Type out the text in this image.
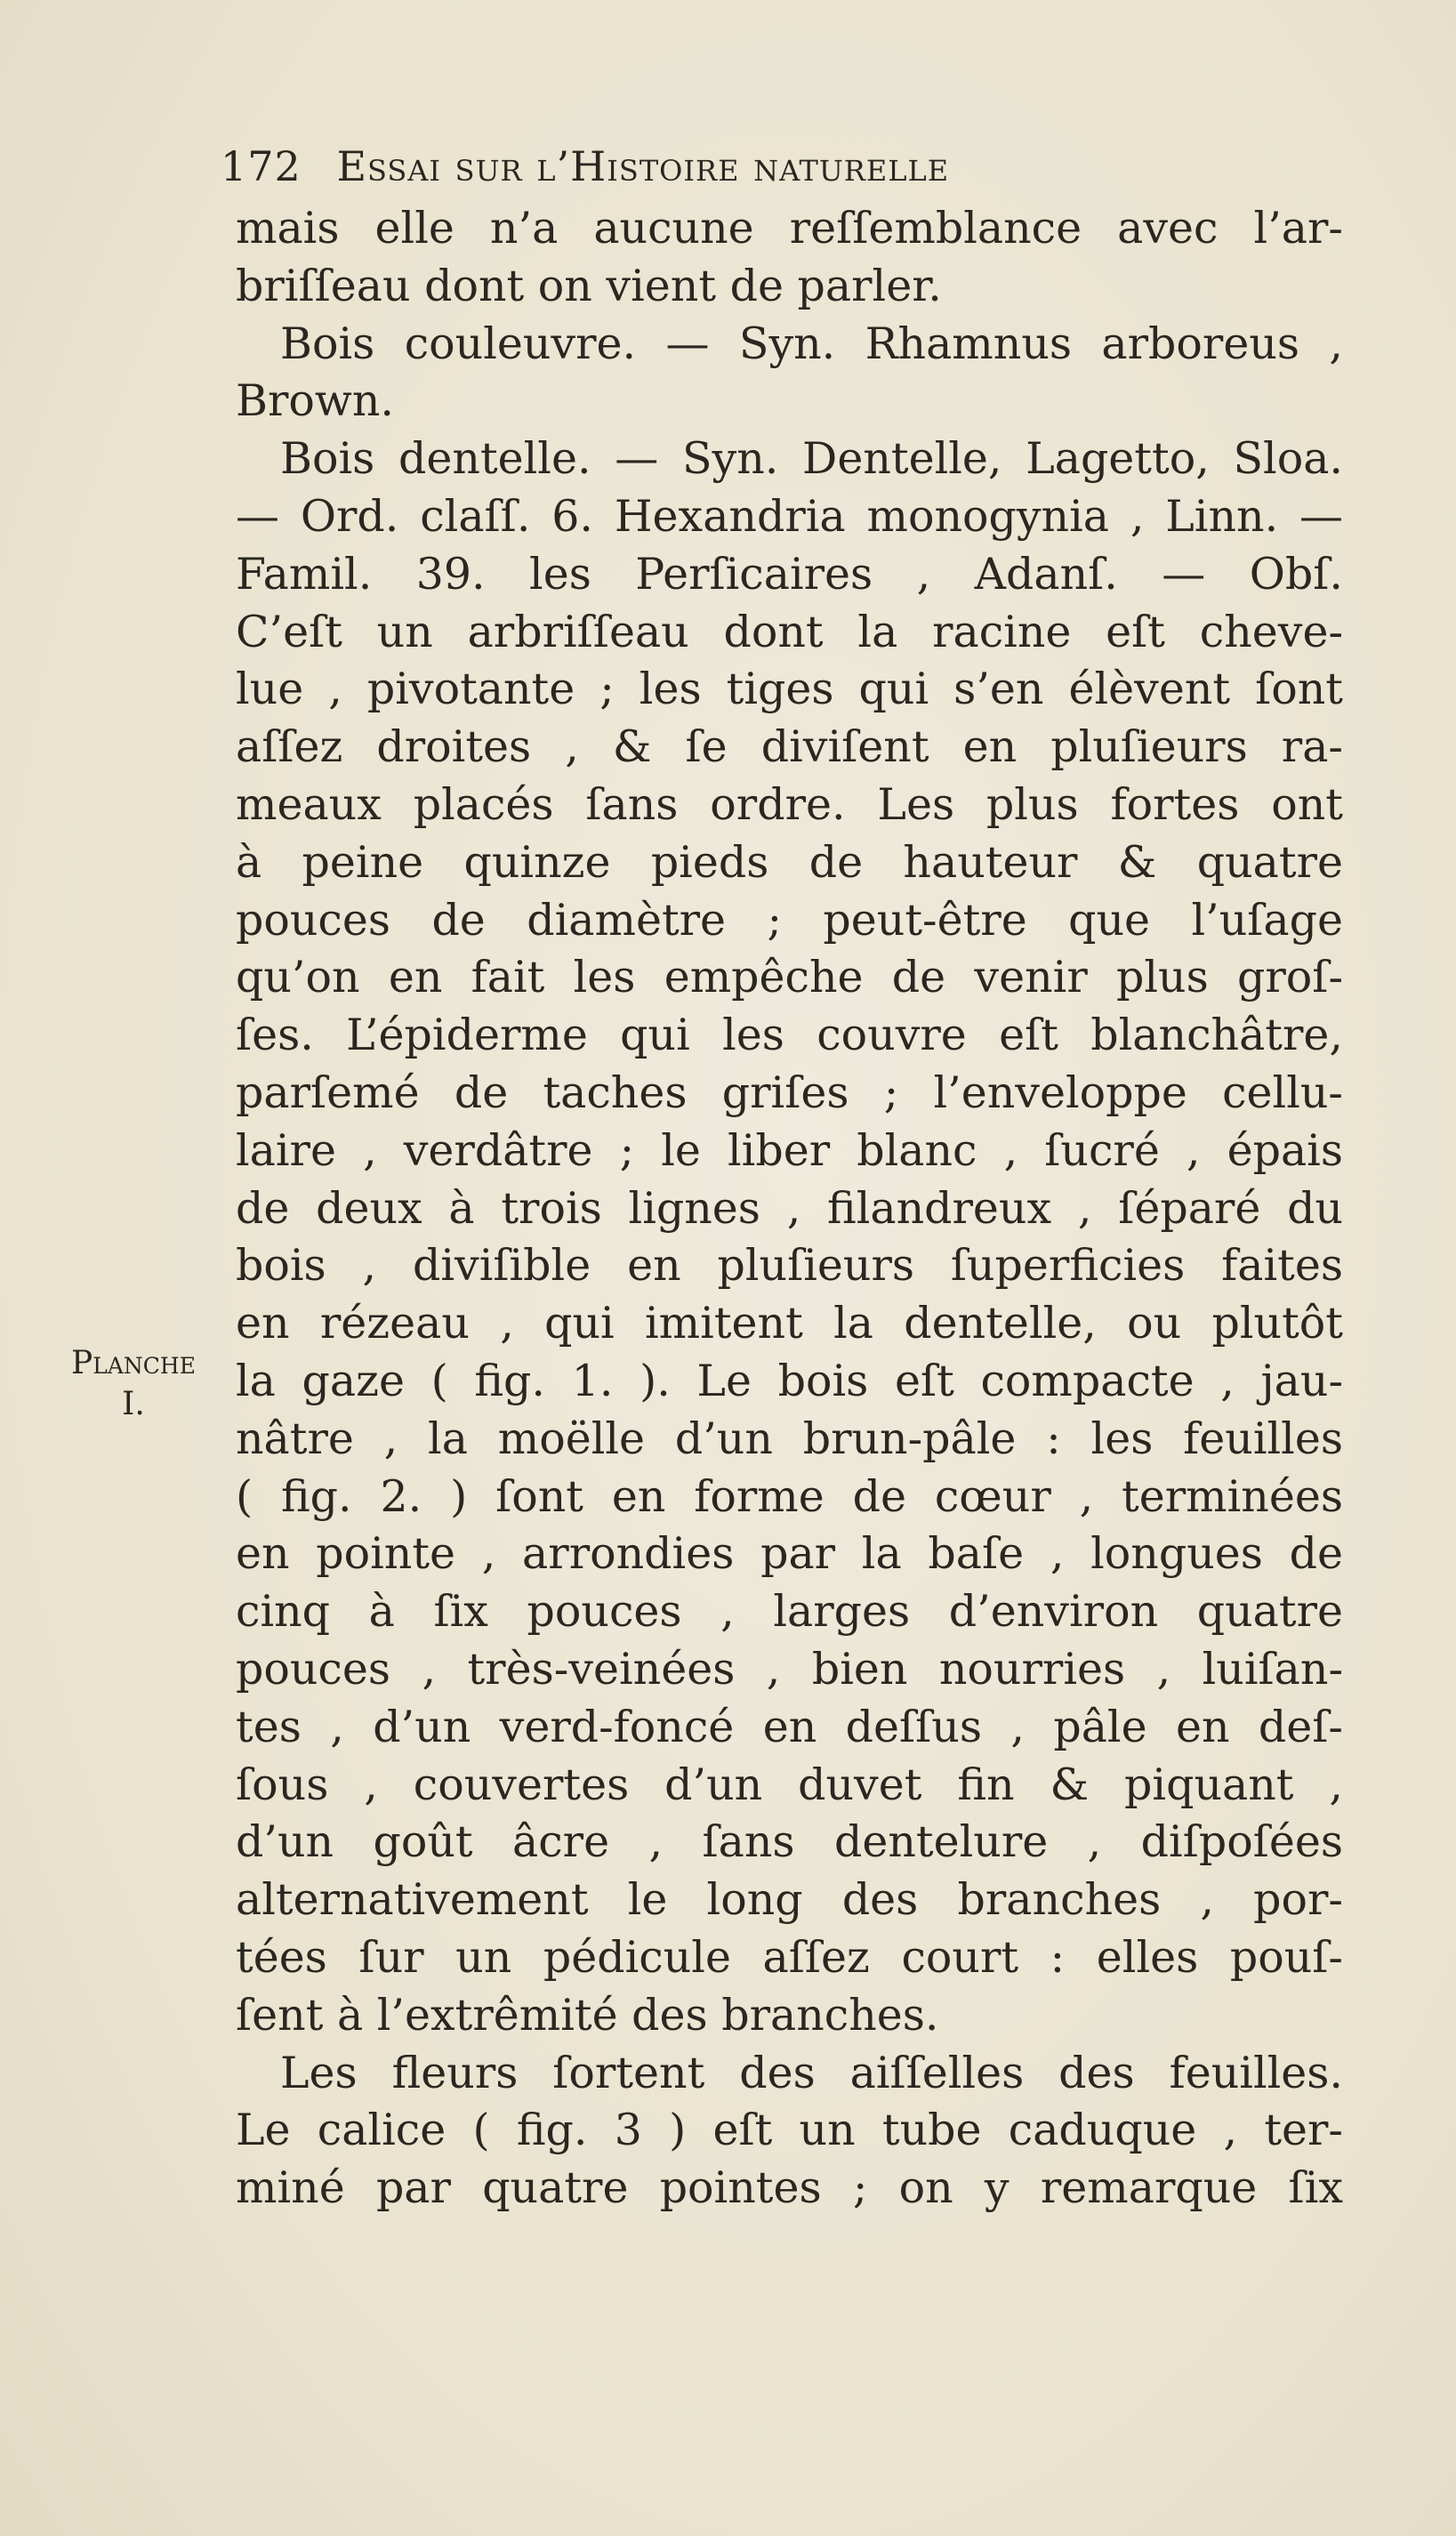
172 Essai sur l’Histoire naturelle
Planche
I.
mais elle n’a aucune reſſemblance avec l’ar-
briſſeau dont on vient de parler.
Bois couleuvre. — Syn. Rhamnus arboreus ,
Brown.
Bois dentelle. — Syn. Dentelle, Lagetto, Sloa.
— Ord. claſſ. 6. Hexandria monogynia , Linn. —
Famil. 39. les Perſicaires , Adanſ. — Obſ.
C’eſt un arbriſſeau dont la racine eſt cheve-
lue , pivotante ; les tiges qui s’en élèvent ſont
aſſez droites , & ſe diviſent en pluſieurs ra-
meaux placés ſans ordre. Les plus fortes ont
à peine quinze pieds de hauteur & quatre
pouces de diamètre ; peut-être que l’uſage
qu’on en fait les empêche de venir plus groſ-
ſes. L’épiderme qui les couvre eſt blanchâtre,
parſemé de taches griſes ; l’enveloppe cellu-
laire , verdâtre ; le liber blanc , ſucré , épais
de deux à trois lignes , filandreux , ſéparé du
bois , diviſible en pluſieurs ſuperficies faites
en rézeau , qui imitent la dentelle, ou plutôt
la gaze ( fig. 1. ). Le bois eſt compacte , jau-
nâtre , la moëlle d’un brun-pâle : les feuilles
( fig. 2. ) ſont en forme de cœur , terminées
en pointe , arrondies par la baſe , longues de
cinq à ſix pouces , larges d’environ quatre
pouces , très-veinées , bien nourries , luiſan-
tes , d’un verd-foncé en deſſus , pâle en deſ-
ſous , couvertes d’un duvet fin & piquant ,
d’un goût âcre , ſans dentelure , diſpoſées
alternativement le long des branches , por-
tées ſur un pédicule aſſez court : elles pouſ-
ſent à l’extrêmité des branches.
Les fleurs ſortent des aiſſelles des feuilles.
Le calice ( fig. 3 ) eſt un tube caduque , ter-
miné par quatre pointes ; on y remarque ſix
